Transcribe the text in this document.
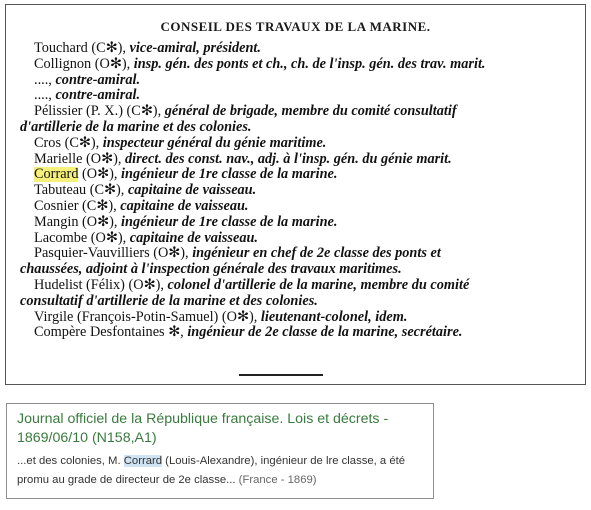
CONSEIL DES TRAVAUX DE LA MARINE.
Touchard (C✻), vice-amiral, président.
Collignon (O✻), insp. gén. des ponts et ch., ch. de l'insp. gén. des trav. marit.
...., contre-amiral.
...., contre-amiral.
Pélissier (P. X.) (C✻), général de brigade, membre du comité consultatif
d'artillerie de la marine et des colonies.
Cros (C✻), inspecteur général du génie maritime.
Marielle (O✻), direct. des const. nav., adj. à l'insp. gén. du génie marit.
Corrard (O✻), ingénieur de 1re classe de la marine.
Tabuteau (C✻), capitaine de vaisseau.
Cosnier (C✻), capitaine de vaisseau.
Mangin (O✻), ingénieur de 1re classe de la marine.
Lacombe (O✻), capitaine de vaisseau.
Pasquier-Vauvilliers (O✻), ingénieur en chef de 2e classe des ponts et
chaussées, adjoint à l'inspection générale des travaux maritimes.
Hudelist (Félix) (O✻), colonel d'artillerie de la marine, membre du comité
consultatif d'artillerie de la marine et des colonies.
Virgile (François-Potin-Samuel) (O✻), lieutenant-colonel, idem.
Compère Desfontaines ✻, ingénieur de 2e classe de la marine, secrétaire.
Journal officiel de la République française. Lois et décrets - 1869/06/10 (N158,A1)
...et des colonies, M. Corrard (Louis-Alexandre), ingénieur de lre classe, a été promu au grade de directeur de 2e classe... (France - 1869)
